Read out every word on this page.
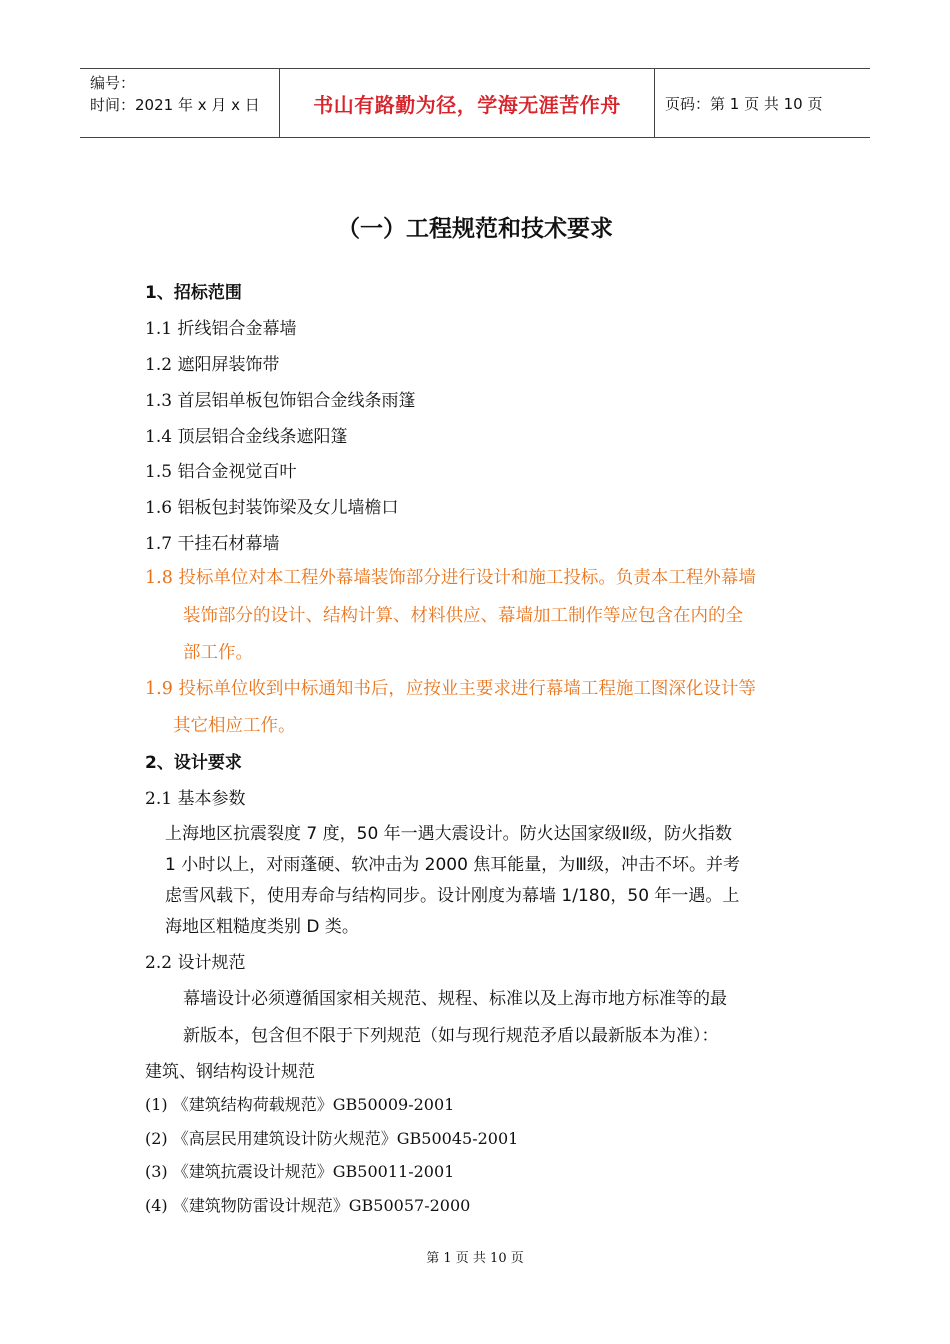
编号：
时间：2021 年 x 月 x 日	书山有路勤为径，学海无涯苦作舟	页码：第 1 页 共 10 页
（一）工程规范和技术要求
1、招标范围
1.1 折线铝合金幕墙
1.2 遮阳屏装饰带
1.3 首层铝单板包饰铝合金线条雨篷
1.4 顶层铝合金线条遮阳篷
1.5 铝合金视觉百叶
1.6 铝板包封装饰梁及女儿墙檐口
1.7 干挂石材幕墙
1.8 投标单位对本工程外幕墙装饰部分进行设计和施工投标。负责本工程外幕墙
装饰部分的设计、结构计算、材料供应、幕墙加工制作等应包含在内的全
部工作。
1.9 投标单位收到中标通知书后，应按业主要求进行幕墙工程施工图深化设计等
其它相应工作。
2、设计要求
2.1 基本参数
上海地区抗震裂度 7 度，50 年一遇大震设计。防火达国家级Ⅱ级，防火指数
1 小时以上，对雨蓬硬、软冲击为 2000 焦耳能量，为Ⅲ级，冲击不坏。并考
虑雪风载下，使用寿命与结构同步。设计刚度为幕墙 1/180，50 年一遇。上
海地区粗糙度类别 D 类。
2.2 设计规范
幕墙设计必须遵循国家相关规范、规程、标准以及上海市地方标准等的最
新版本，包含但不限于下列规范（如与现行规范矛盾以最新版本为准）：
建筑、钢结构设计规范
(1) 《建筑结构荷载规范》GB50009-2001
(2) 《高层民用建筑设计防火规范》GB50045-2001
(3) 《建筑抗震设计规范》GB50011-2001
(4) 《建筑物防雷设计规范》GB50057-2000
第 1 页 共 10 页
